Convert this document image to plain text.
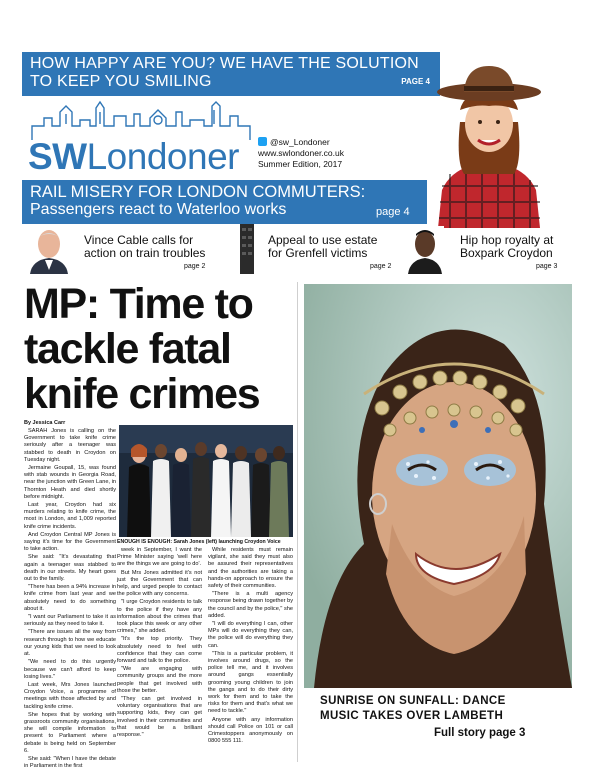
HOW HAPPY ARE YOU? WE HAVE THE SOLUTION
TO KEEP YOU SMILING	PAGE 4
SWLondoner	@sw_Londoner
www.swlondoner.co.uk
Summer Edition, 2017
RAIL MISERY FOR LONDON COMMUTERS:
Passengers react to Waterloo works	page 4
Vince Cable calls for
action on train troubles
page 2
Appeal to use estate
for Grenfell victims
page 2
Hip hop royalty at
Boxpark Croydon
page 3
MP: Time to
tackle fatal
knife crimes
By Jessica Carr
ENOUGH IS ENOUGH: Sarah Jones (left) launching Croydon Voice

SARAH Jones is calling on the Government to take knife crime seriously after a teenager was stabbed to death in Croydon on Tuesday night.

Jermaine Goupall, 15, was found with stab wounds in Georgia Road, near the junction with Green Lane, in Thornton Heath and died shortly before midnight.

Last year, Croydon had six murders relating to knife crime, the most in London, and 1,009 reported knife crime incidents.

And Croydon Central MP Jones is saying it's time for the Government to take action.

She said: "It's devastating that again a teenager was stabbed to death in our streets. My heart goes out to the family.

"There has been a 94% increase in knife crime from last year and we absolutely need to do something about it.

"I want our Parliament to take it as seriously as they need to take it.

"There are issues all the way from research through to how we educate our young kids that we need to look at.

"We need to do this urgently because we can't afford to keep losing lives."

Last week, Mrs Jones launched Croydon Voice, a programme of meetings with those affected by and tackling knife crime.

She hopes that by working with grassroots community organisations, she will compile information to present to Parliament where a debate is being held on September 6.

She said: "When I have the debate in Parliament in the first

week in September, I want the Prime Minister saying 'well here are the things we are going to do'.

But Mrs Jones admitted it's not just the Government that can help, and urged people to contact the police with any concerns.

"I urge Croydon residents to talk to the police if they have any information about the crimes that took place this week or any other crimes," she added.

"It's the top priority. They absolutely need to feel with confidence that they can come forward and talk to the police.

"We are engaging with community groups and the more people that get involved with those the better.

"They can get involved in voluntary organisations that are supporting kids, they can get involved in their communities and that would be a brilliant response."

While residents must remain vigilant, she said they must also be assured their representatives and the authorities are taking a hands-on approach to ensure the safety of their communities.

"There is a multi agency response being drawn together by the council and by the police," she added.

"I will do everything I can, other MPs will do everything they can, the police will do everything they can.

"This is a particular problem, it involves around drugs, so the police tell me, and it involves around gangs essentially grooming young children to join the gangs and to do their dirty work for them and to take the risks for them and that's what we need to tackle."

Anyone with any information should call Police on 101 or call Crimestoppers anonymously on 0800 555 111.

SUNRISE ON SUNFALL: DANCE
MUSIC TAKES OVER LAMBETH
Full story page 3
